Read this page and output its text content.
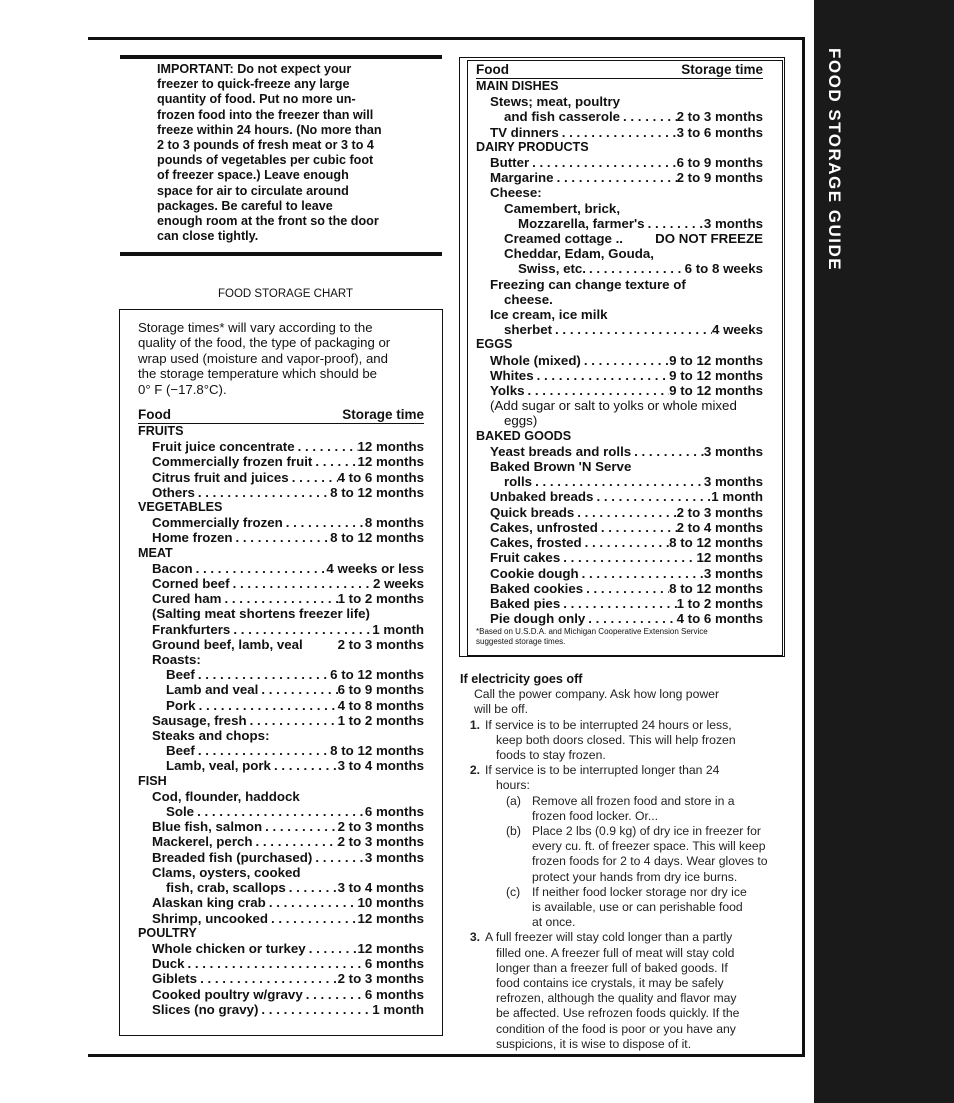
FOOD STORAGE GUIDE
IMPORTANT: Do not expect your
freezer to quick-freeze any large
quantity of food. Put no more un-
frozen food into the freezer than will
freeze within 24 hours. (No more than
2 to 3 pounds of fresh meat or 3 to 4
pounds of vegetables per cubic foot
of freezer space.) Leave enough
space for air to circulate around
packages. Be careful to leave
enough room at the front so the door
can close tightly.
FOOD STORAGE CHART
Storage times* will vary according to the
quality of the food, the type of packaging or
wrap used (moisture and vapor-proof), and
the storage temperature which should be
0° F (−17.8°C).
Food	Storage time
FRUITS
Fruit juice concentrate . . .	12 months
Commercially frozen fruit . . .	12 months
Citrus fruit and juices . . .	4 to 6 months
Others . . .	8 to 12 months
VEGETABLES
Commercially frozen . . .	8 months
Home frozen . . .	8 to 12 months
MEAT
Bacon . . .	4 weeks or less
Corned beef . . .	2 weeks
Cured ham . . .	1 to 2 months
(Salting meat shortens freezer life)
Frankfurters . . .	1 month
Ground beef, lamb, veal	2 to 3 months
Roasts:
Beef . . .	6 to 12 months
Lamb and veal . . .	6 to 9 months
Pork . . .	4 to 8 months
Sausage, fresh . . .	1 to 2 months
Steaks and chops:
Beef . . .	8 to 12 months
Lamb, veal, pork . . .	3 to 4 months
FISH
Cod, flounder, haddock
Sole . . .	6 months
Blue fish, salmon . . .	2 to 3 months
Mackerel, perch . . .	2 to 3 months
Breaded fish (purchased) . . .	3 months
Clams, oysters, cooked
fish, crab, scallops . . .	3 to 4 months
Alaskan king crab . . .	10 months
Shrimp, uncooked . . .	12 months
POULTRY
Whole chicken or turkey . . .	12 months
Duck . . .	6 months
Giblets . . .	2 to 3 months
Cooked poultry w/gravy . . .	6 months
Slices (no gravy) . . .	1 month
Food	Storage time
MAIN DISHES
Stews; meat, poultry
and fish casserole . . .	2 to 3 months
TV dinners . . .	3 to 6 months
DAIRY PRODUCTS
Butter . . .	6 to 9 months
Margarine . . .	2 to 9 months
Cheese:
Camembert, brick,
Mozzarella, farmer's . . .	3 months
Creamed cottage .. DO NOT FREEZE
Cheddar, Edam, Gouda,
Swiss, etc. . . .	6 to 8 weeks
Freezing can change texture of
cheese.
Ice cream, ice milk
sherbet . . .	4 weeks
EGGS
Whole (mixed) . . .	9 to 12 months
Whites . . .	9 to 12 months
Yolks . . .	9 to 12 months
(Add sugar or salt to yolks or whole mixed
eggs)
BAKED GOODS
Yeast breads and rolls . . .	3 months
Baked Brown 'N Serve
rolls . . .	3 months
Unbaked breads . . .	1 month
Quick breads . . .	2 to 3 months
Cakes, unfrosted . . .	2 to 4 months
Cakes, frosted . . .	8 to 12 months
Fruit cakes . . .	12 months
Cookie dough . . .	3 months
Baked cookies . . .	8 to 12 months
Baked pies . . .	1 to 2 months
Pie dough only . . .	4 to 6 months
*Based on U.S.D.A. and Michigan Cooperative Extension Service
suggested storage times.
If electricity goes off
Call the power company. Ask how long power
will be off.
1. If service is to be interrupted 24 hours or less,
keep both doors closed. This will help frozen
foods to stay frozen.
2. If service is to be interrupted longer than 24
hours:
(a) Remove all frozen food and store in a
frozen food locker. Or...
(b) Place 2 lbs (0.9 kg) of dry ice in freezer for
every cu. ft. of freezer space. This will keep
frozen foods for 2 to 4 days. Wear gloves to
protect your hands from dry ice burns.
(c) If neither food locker storage nor dry ice
is available, use or can perishable food
at once.
3. A full freezer will stay cold longer than a partly
filled one. A freezer full of meat will stay cold
longer than a freezer full of baked goods. If
food contains ice crystals, it may be safely
refrozen, although the quality and flavor may
be affected. Use refrozen foods quickly. If the
condition of the food is poor or you have any
suspicions, it is wise to dispose of it.
